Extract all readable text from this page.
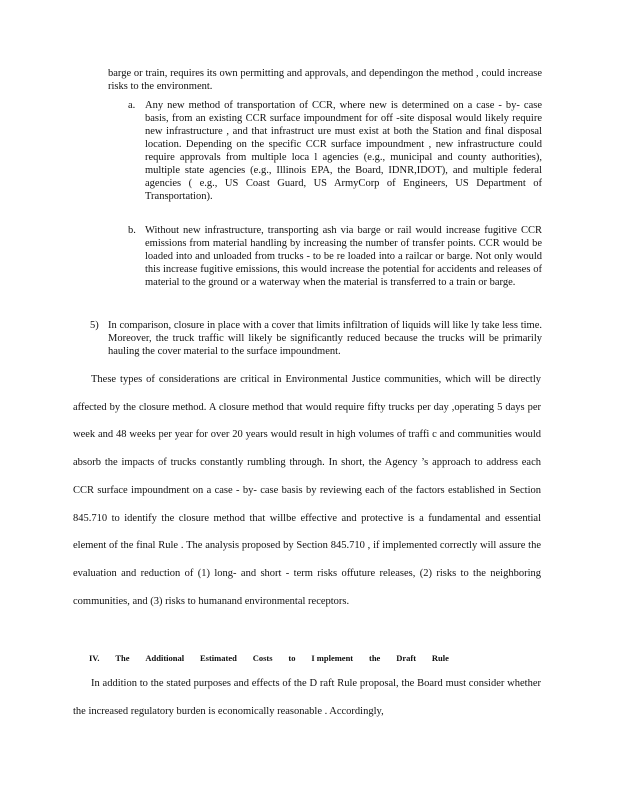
barge or train, requires its own permitting and approvals, and dependingon the method , could increase risks to the environment.

a. Any new method of transportation of CCR, where new is determined on a case - by- case basis, from an existing CCR surface impoundment for off -site disposal would likely require new infrastructure , and that infrastruct ure must exist at both the Station and final disposal location. Depending on the specific CCR surface impoundment , new infrastructure could require approvals from multiple loca l agencies (e.g., municipal and county authorities), multiple state agencies (e.g., Illinois EPA, the Board, IDNR,IDOT), and multiple federal agencies ( e.g., US Coast Guard, US ArmyCorp of Engineers, US Department of Transportation).

b. Without new infrastructure, transporting ash via barge or rail would increase fugitive CCR emissions from material handling by increasing the number of transfer points. CCR would be loaded into and unloaded from trucks - to be re loaded into a railcar or barge. Not only would this increase fugitive emissions, this would increase the potential for accidents and releases of material to the ground or a waterway when the material is transferred to a train or barge.

5) In comparison, closure in place with a cover that limits infiltration of liquids will like ly take less time. Moreover, the truck traffic will likely be significantly reduced because the trucks will be primarily hauling the cover material to the surface impoundment.

These types of considerations are critical in Environmental Justice communities, which will be directly affected by the closure method. A closure method that would require fifty trucks per day ,operating 5 days per week and 48 weeks per year for over 20 years would result in high volumes of traffi c and communities would absorb the impacts of trucks constantly rumbling through. In short, the Agency ’s approach to address each CCR surface impoundment on a case - by- case basis by reviewing each of the factors established in Section 845.710 to identify the closure method that willbe effective and protective is a fundamental and essential element of the final Rule . The analysis proposed by Section 845.710 , if implemented correctly will assure the evaluation and reduction of (1) long- and short - term risks offuture releases, (2) risks to the neighboring communities, and (3) risks to humanand environmental receptors.
IV. The Additional Estimated Costs to I mplement the Draft Rule
In addition to the stated purposes and effects of the D raft Rule proposal, the Board must consider whether the increased regulatory burden is economically reasonable . Accordingly,
